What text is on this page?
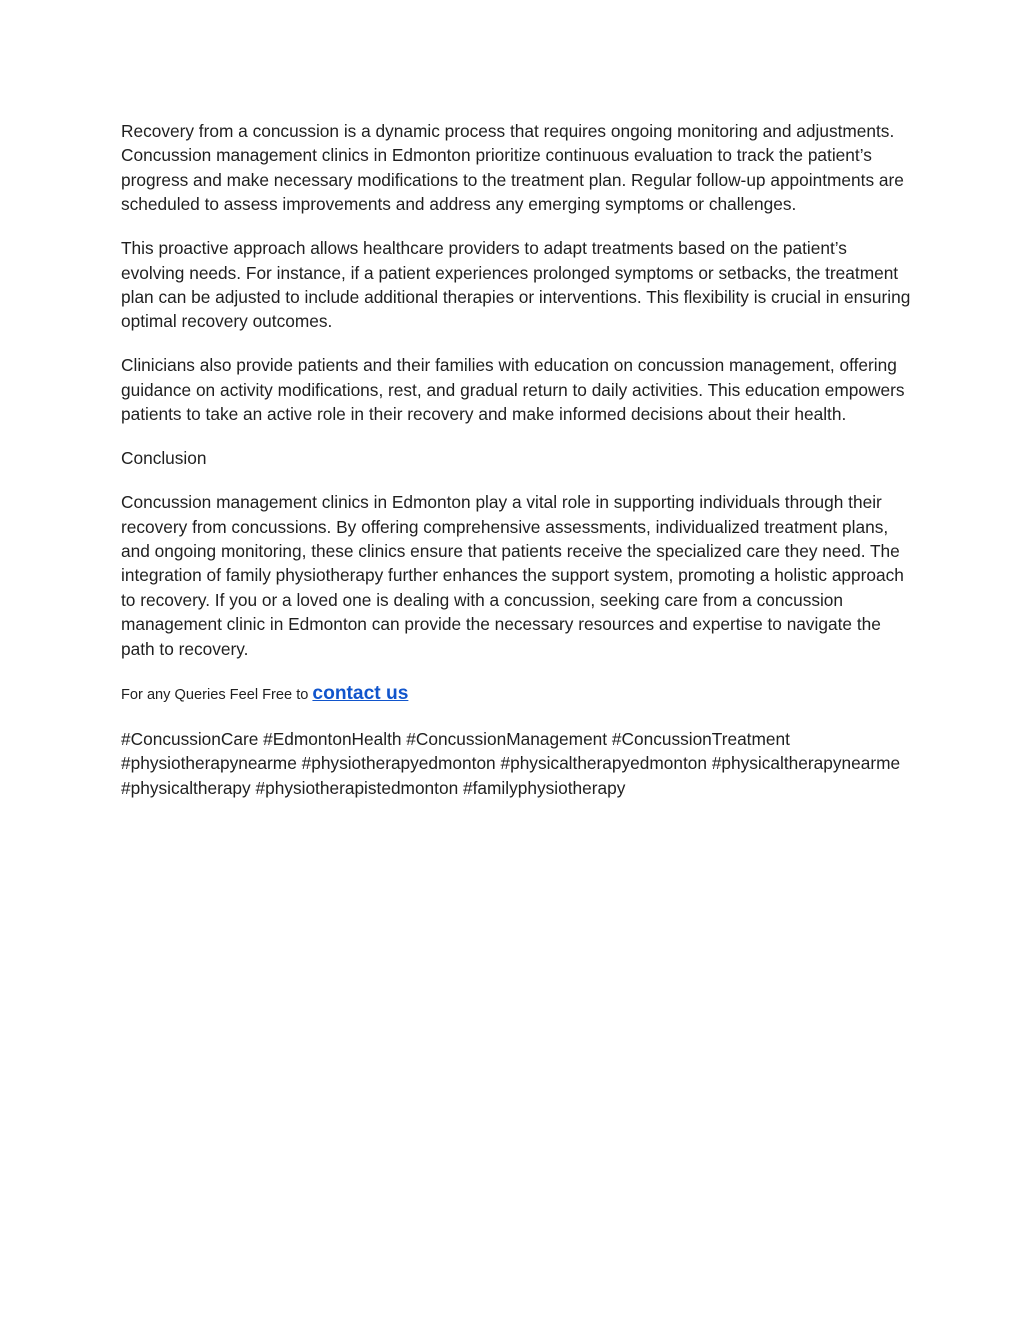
Recovery from a concussion is a dynamic process that requires ongoing monitoring and adjustments. Concussion management clinics in Edmonton prioritize continuous evaluation to track the patient’s progress and make necessary modifications to the treatment plan. Regular follow-up appointments are scheduled to assess improvements and address any emerging symptoms or challenges.

This proactive approach allows healthcare providers to adapt treatments based on the patient’s evolving needs. For instance, if a patient experiences prolonged symptoms or setbacks, the treatment plan can be adjusted to include additional therapies or interventions. This flexibility is crucial in ensuring optimal recovery outcomes.

Clinicians also provide patients and their families with education on concussion management, offering guidance on activity modifications, rest, and gradual return to daily activities. This education empowers patients to take an active role in their recovery and make informed decisions about their health.

Conclusion

Concussion management clinics in Edmonton play a vital role in supporting individuals through their recovery from concussions. By offering comprehensive assessments, individualized treatment plans, and ongoing monitoring, these clinics ensure that patients receive the specialized care they need. The integration of family physiotherapy further enhances the support system, promoting a holistic approach to recovery. If you or a loved one is dealing with a concussion, seeking care from a concussion management clinic in Edmonton can provide the necessary resources and expertise to navigate the path to recovery.

For any Queries Feel Free to contact us

#ConcussionCare #EdmontonHealth #ConcussionManagement #ConcussionTreatment #physiotherapynearme #physiotherapyedmonton #physicaltherapyedmonton #physicaltherapynearme #physicaltherapy #physiotherapistedmonton #familyphysiotherapy
